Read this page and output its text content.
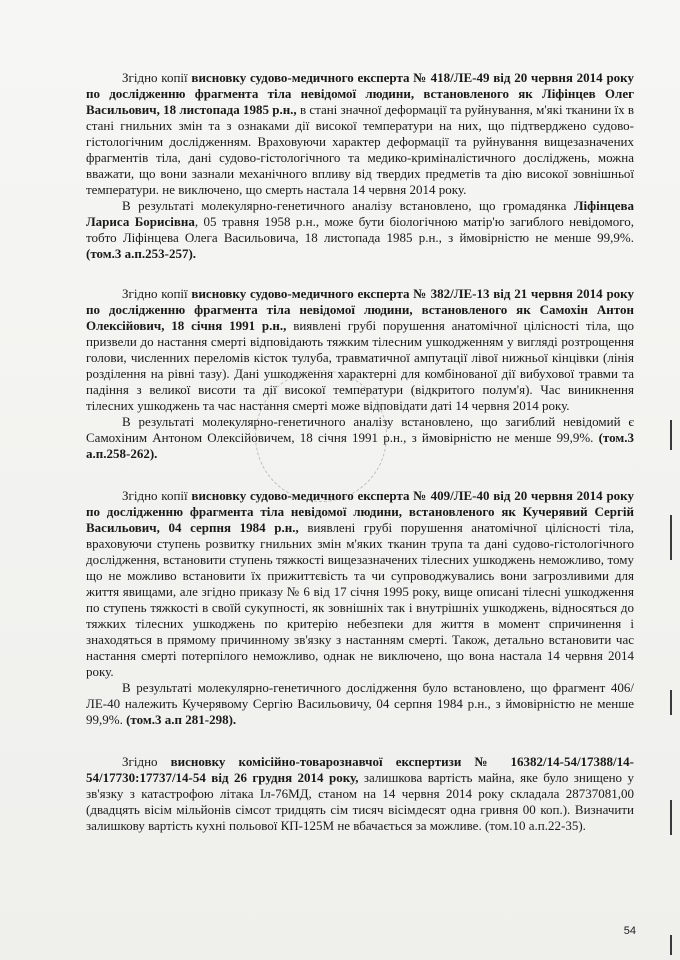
Згідно копії висновку судово-медичного експерта № 418/ЛЕ-49 від 20 червня 2014 року по дослідженню фрагмента тіла невідомої людини, встановленого як Ліфінцев Олег Васильович, 18 листопада 1985 р.н., в стані значної деформації та руйнування, м'які тканини їх в стані гнильних змін та з ознаками дії високої температури на них, що підтверджено судово-гістологічним дослідженням. Враховуючи характер деформації та руйнування вищезазначених фрагментів тіла, дані судово-гістологічного та медико-криміналістичного досліджень, можна вважати, що вони зазнали механічного впливу від твердих предметів та дію високої зовнішньої температури. не виключено, що смерть настала 14 червня 2014 року.

В результаті молекулярно-генетичного аналізу встановлено, що громадянка Ліфінцева Лариса Борисівна, 05 травня 1958 р.н., може бути біологічною матір'ю загиблого невідомого, тобто Ліфінцева Олега Васильовича, 18 листопада 1985 р.н., з ймовірністю не менше 99,9%. (том.3 а.п.253-257).

Згідно копії висновку судово-медичного експерта № 382/ЛЕ-13 від 21 червня 2014 року по дослідженню фрагмента тіла невідомої людини, встановленого як Самохін Антон Олексійович, 18 січня 1991 р.н., виявлені грубі порушення анатомічної цілісності тіла, що призвели до настання смерті відповідають тяжким тілесним ушкодженням у вигляді розтрощення голови, численних переломів кісток тулуба, травматичної ампутації лівої нижньої кінцівки (лінія розділення на рівні тазу). Дані ушкодження характерні для комбінованої дії вибухової травми та падіння з великої висоти та дії високої температури (відкритого полум'я). Час виникнення тілесних ушкоджень та час настання смерті може відповідати даті 14 червня 2014 року.

В результаті молекулярно-генетичного аналізу встановлено, що загиблий невідомий є Самохіним Антоном Олексійовичем, 18 січня 1991 р.н., з ймовірністю не менше 99,9%. (том.3 а.п.258-262).

Згідно копії висновку судово-медичного експерта № 409/ЛЕ-40 від 20 червня 2014 року по дослідженню фрагмента тіла невідомої людини, встановленого як Кучерявий Сергій Васильович, 04 серпня 1984 р.н., виявлені грубі порушення анатомічної цілісності тіла, враховуючи ступень розвитку гнильних змін м'яких тканин трупа та дані судово-гістологічного дослідження, встановити ступень тяжкості вищезазначених тілесних ушкоджень неможливо, тому що не можливо встановити їх прижиттєвість та чи супроводжувались вони загрозливими для життя явищами, але згідно приказу № 6 від 17 січня 1995 року, вище описані тілесні ушкодження по ступень тяжкості в своїй сукупності, як зовнішніх так і внутрішніх ушкоджень, відносяться до тяжких тілесних ушкоджень по критерію небезпеки для життя в момент спричинення і знаходяться в прямому причинному зв'язку з настанням смерті. Також, детально встановити час настання смерті потерпілого неможливо, однак не виключено, що вона настала 14 червня 2014 року.

В результаті молекулярно-генетичного дослідження було встановлено, що фрагмент 406/ЛЕ-40 належить Кучерявому Сергію Васильовичу, 04 серпня 1984 р.н., з ймовірністю не менше 99,9%. (том.3 а.п 281-298).

Згідно висновку комісійно-товарознавчої експертизи № 16382/14-54/17388/14-54/17730:17737/14-54 від 26 грудня 2014 року, залишкова вартість майна, яке було знищено у зв'язку з катастрофою літака Іл-76МД, станом на 14 червня 2014 року складала 28737081,00 (двадцять вісім мільйонів сімсот тридцять сім тисяч вісімдесят одна гривня 00 коп.). Визначити залишкову вартість кухні польової КП-125М не вбачається за можливе. (том.10 а.п.22-35).

54
